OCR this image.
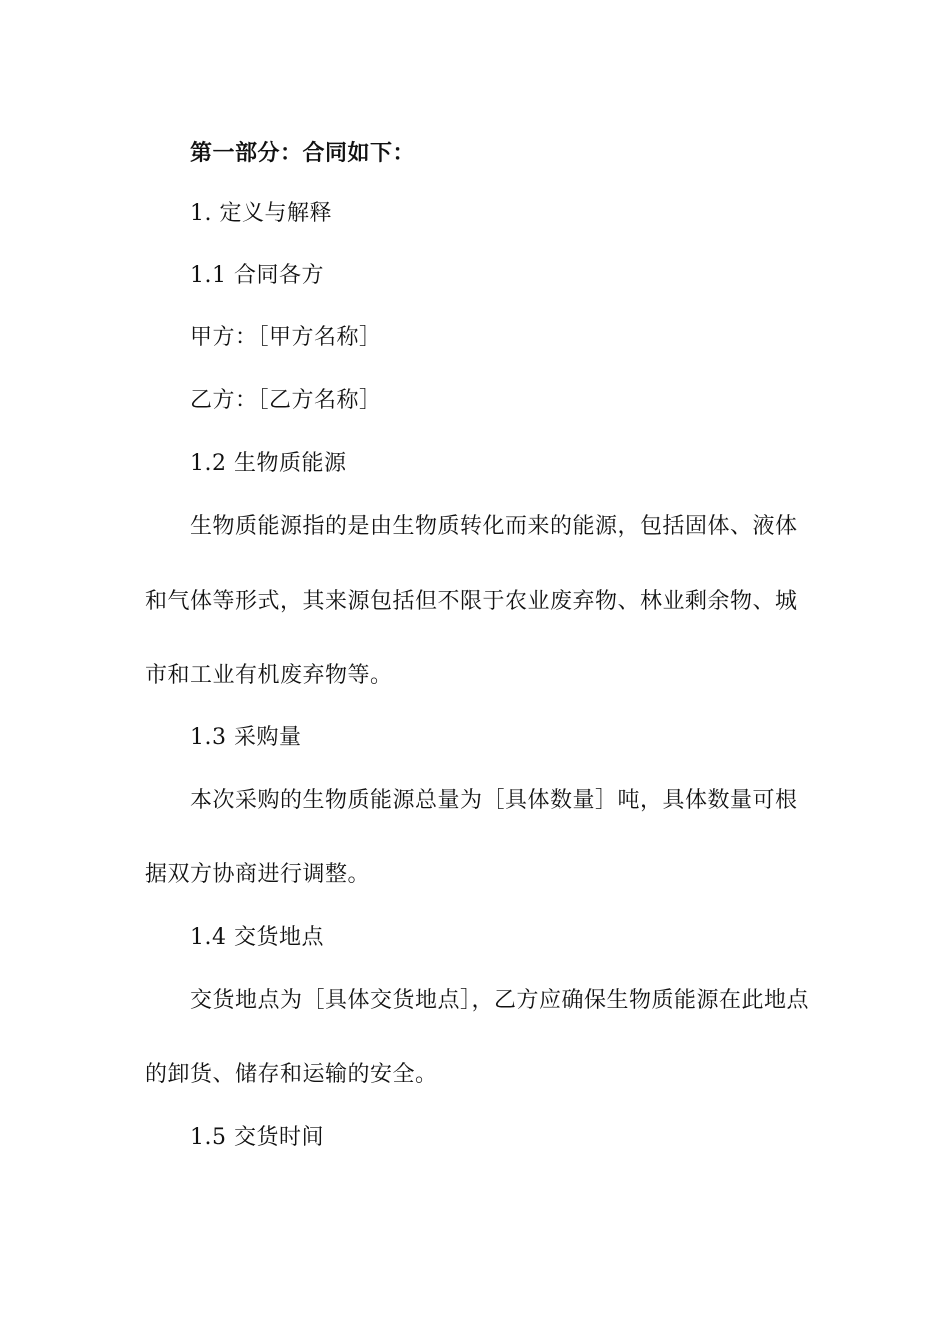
第一部分：合同如下：
1. 定义与解释
1.1 合同各方
甲方：［甲方名称］
乙方：［乙方名称］
1.2 生物质能源
生物质能源指的是由生物质转化而来的能源，包括固体、液体
和气体等形式，其来源包括但不限于农业废弃物、林业剩余物、城
市和工业有机废弃物等。
1.3 采购量
本次采购的生物质能源总量为［具体数量］吨，具体数量可根
据双方协商进行调整。
1.4 交货地点
交货地点为［具体交货地点］，乙方应确保生物质能源在此地点
的卸货、储存和运输的安全。
1.5 交货时间
